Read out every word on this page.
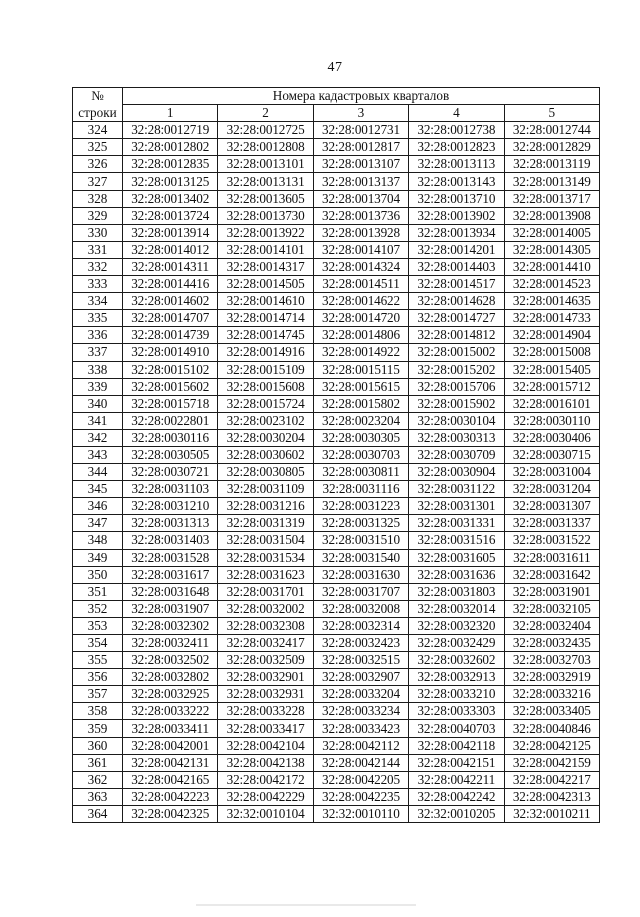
47
№	Номера кадастровых кварталов				
строки	1	2	3	4	5
324	32:28:0012719	32:28:0012725	32:28:0012731	32:28:0012738	32:28:0012744
325	32:28:0012802	32:28:0012808	32:28:0012817	32:28:0012823	32:28:0012829
326	32:28:0012835	32:28:0013101	32:28:0013107	32:28:0013113	32:28:0013119
327	32:28:0013125	32:28:0013131	32:28:0013137	32:28:0013143	32:28:0013149
328	32:28:0013402	32:28:0013605	32:28:0013704	32:28:0013710	32:28:0013717
329	32:28:0013724	32:28:0013730	32:28:0013736	32:28:0013902	32:28:0013908
330	32:28:0013914	32:28:0013922	32:28:0013928	32:28:0013934	32:28:0014005
331	32:28:0014012	32:28:0014101	32:28:0014107	32:28:0014201	32:28:0014305
332	32:28:0014311	32:28:0014317	32:28:0014324	32:28:0014403	32:28:0014410
333	32:28:0014416	32:28:0014505	32:28:0014511	32:28:0014517	32:28:0014523
334	32:28:0014602	32:28:0014610	32:28:0014622	32:28:0014628	32:28:0014635
335	32:28:0014707	32:28:0014714	32:28:0014720	32:28:0014727	32:28:0014733
336	32:28:0014739	32:28:0014745	32:28:0014806	32:28:0014812	32:28:0014904
337	32:28:0014910	32:28:0014916	32:28:0014922	32:28:0015002	32:28:0015008
338	32:28:0015102	32:28:0015109	32:28:0015115	32:28:0015202	32:28:0015405
339	32:28:0015602	32:28:0015608	32:28:0015615	32:28:0015706	32:28:0015712
340	32:28:0015718	32:28:0015724	32:28:0015802	32:28:0015902	32:28:0016101
341	32:28:0022801	32:28:0023102	32:28:0023204	32:28:0030104	32:28:0030110
342	32:28:0030116	32:28:0030204	32:28:0030305	32:28:0030313	32:28:0030406
343	32:28:0030505	32:28:0030602	32:28:0030703	32:28:0030709	32:28:0030715
344	32:28:0030721	32:28:0030805	32:28:0030811	32:28:0030904	32:28:0031004
345	32:28:0031103	32:28:0031109	32:28:0031116	32:28:0031122	32:28:0031204
346	32:28:0031210	32:28:0031216	32:28:0031223	32:28:0031301	32:28:0031307
347	32:28:0031313	32:28:0031319	32:28:0031325	32:28:0031331	32:28:0031337
348	32:28:0031403	32:28:0031504	32:28:0031510	32:28:0031516	32:28:0031522
349	32:28:0031528	32:28:0031534	32:28:0031540	32:28:0031605	32:28:0031611
350	32:28:0031617	32:28:0031623	32:28:0031630	32:28:0031636	32:28:0031642
351	32:28:0031648	32:28:0031701	32:28:0031707	32:28:0031803	32:28:0031901
352	32:28:0031907	32:28:0032002	32:28:0032008	32:28:0032014	32:28:0032105
353	32:28:0032302	32:28:0032308	32:28:0032314	32:28:0032320	32:28:0032404
354	32:28:0032411	32:28:0032417	32:28:0032423	32:28:0032429	32:28:0032435
355	32:28:0032502	32:28:0032509	32:28:0032515	32:28:0032602	32:28:0032703
356	32:28:0032802	32:28:0032901	32:28:0032907	32:28:0032913	32:28:0032919
357	32:28:0032925	32:28:0032931	32:28:0033204	32:28:0033210	32:28:0033216
358	32:28:0033222	32:28:0033228	32:28:0033234	32:28:0033303	32:28:0033405
359	32:28:0033411	32:28:0033417	32:28:0033423	32:28:0040703	32:28:0040846
360	32:28:0042001	32:28:0042104	32:28:0042112	32:28:0042118	32:28:0042125
361	32:28:0042131	32:28:0042138	32:28:0042144	32:28:0042151	32:28:0042159
362	32:28:0042165	32:28:0042172	32:28:0042205	32:28:0042211	32:28:0042217
363	32:28:0042223	32:28:0042229	32:28:0042235	32:28:0042242	32:28:0042313
364	32:28:0042325	32:32:0010104	32:32:0010110	32:32:0010205	32:32:0010211
